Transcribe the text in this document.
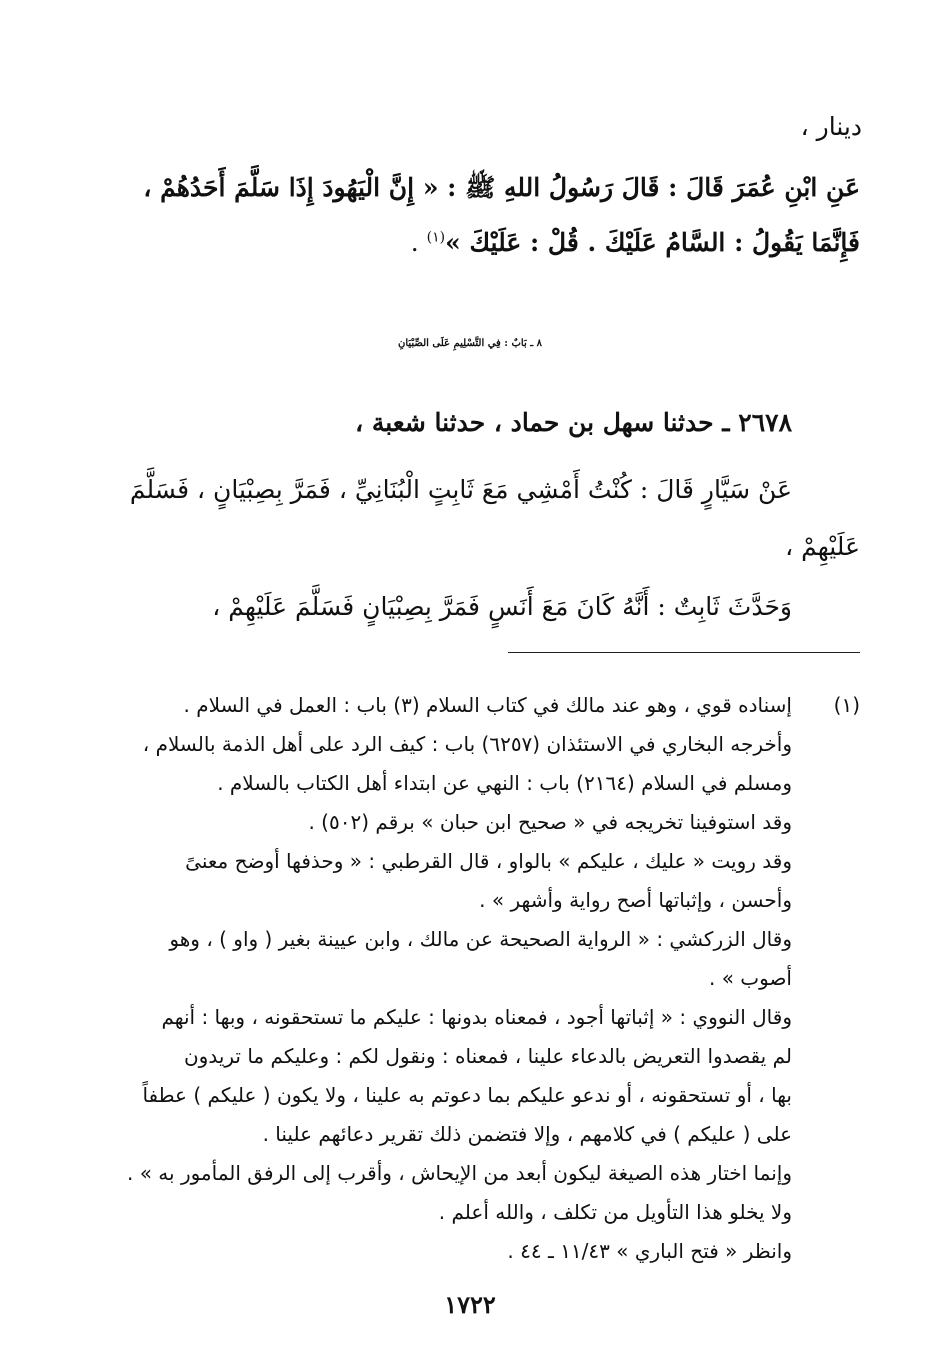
دينار ،
عَنِ ابْنِ عُمَرَ قَالَ : قَالَ رَسُولُ اللهِ ﷺ : « إِنَّ الْيَهُودَ إِذَا سَلَّمَ أَحَدُهُمْ ،
فَإِنَّمَا يَقُولُ : السَّامُ عَلَيْكَ . قُلْ : عَلَيْكَ »$^{(١)}$ .
٨ ـ بَابٌ : فِي التَّسْلِيمِ عَلَى الصِّبْيَانِ
٢٦٧٨ ـ حدثنا سهل بن حماد ، حدثنا شعبة ،
عَنْ سَيَّارٍ قَالَ : كُنْتُ أَمْشِي مَعَ ثَابِتٍ الْبُنَانِيِّ ، فَمَرَّ بِصِبْيَانٍ ، فَسَلَّمَ
عَلَيْهِمْ ،
وَحَدَّثَ ثَابِتٌ : أَنَّهُ كَانَ مَعَ أَنَسٍ فَمَرَّ بِصِبْيَانٍ فَسَلَّمَ عَلَيْهِمْ ،
(١)
إسناده قوي ، وهو عند مالك في كتاب السلام (٣) باب : العمل في السلام .
وأخرجه البخاري في الاستئذان (٦٢٥٧) باب : كيف الرد على أهل الذمة بالسلام ،
ومسلم في السلام (٢١٦٤) باب : النهي عن ابتداء أهل الكتاب بالسلام .
وقد استوفينا تخريجه في « صحيح ابن حبان » برقم (٥٠٢) .
وقد رويت « عليك ، عليكم » بالواو ، قال القرطبي : « وحذفها أوضح معنىً
وأحسن ، وإثباتها أصح رواية وأشهر » .
وقال الزركشي : « الرواية الصحيحة عن مالك ، وابن عيينة بغير ( واو ) ، وهو
أصوب » .
وقال النووي : « إثباتها أجود ، فمعناه بدونها : عليكم ما تستحقونه ، وبها : أنهم
لم يقصدوا التعريض بالدعاء علينا ، فمعناه : ونقول لكم : وعليكم ما تريدون
بها ، أو تستحقونه ، أو ندعو عليكم بما دعوتم به علينا ، ولا يكون ( عليكم ) عطفاً
على ( عليكم ) في كلامهم ، وإلا فتضمن ذلك تقرير دعائهم علينا .
وإنما اختار هذه الصيغة ليكون أبعد من الإيحاش ، وأقرب إلى الرفق المأمور به » .
ولا يخلو هذا التأويل من تكلف ، والله أعلم .
وانظر « فتح الباري » ١١/٤٣ ـ ٤٤ .
١٧٢٢
